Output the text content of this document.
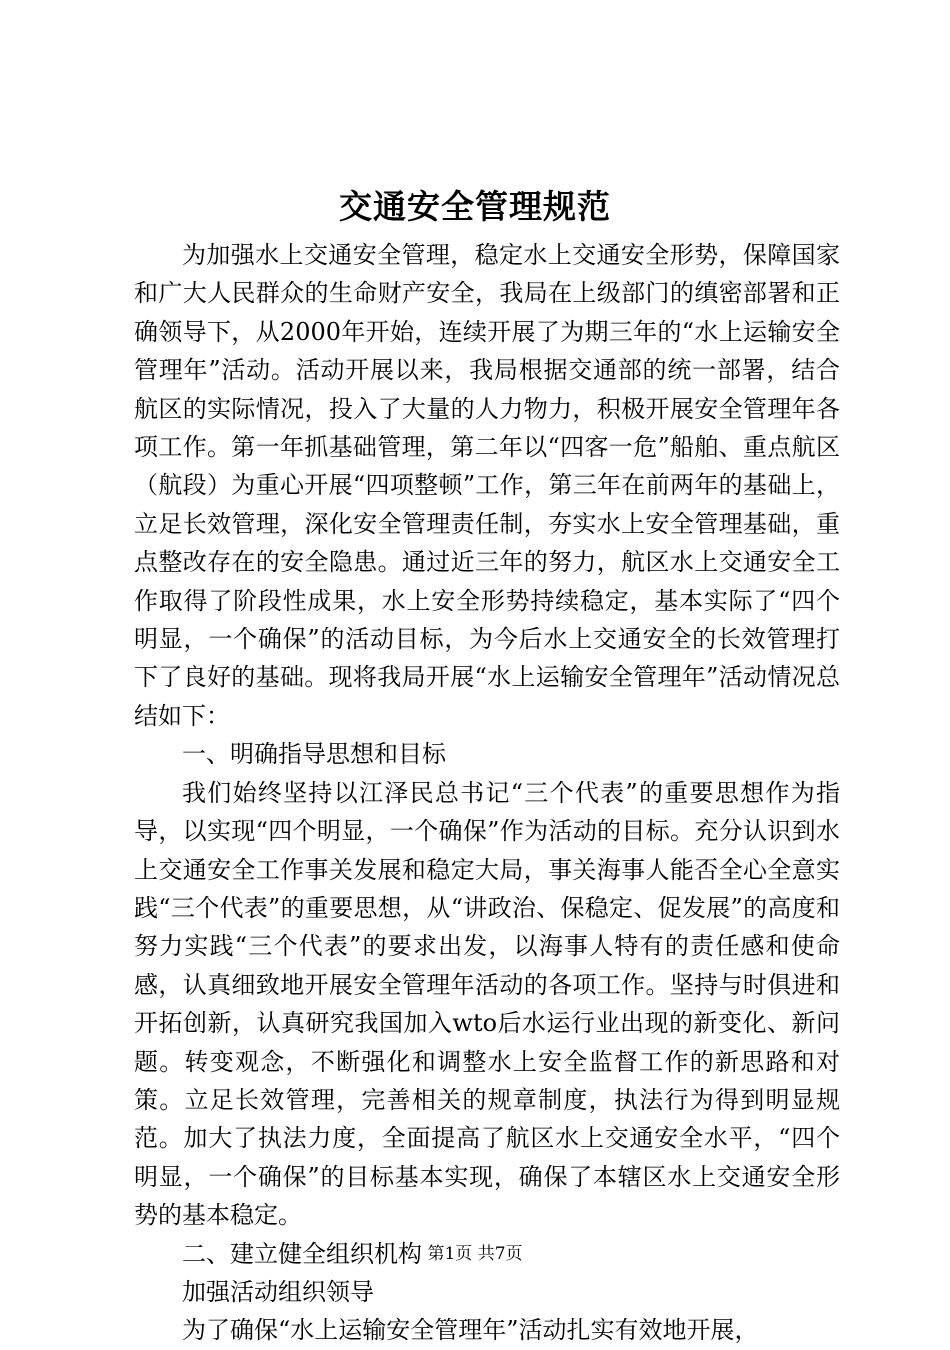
交通安全管理规范

为加强水上交通安全管理，稳定水上交通安全形势，保障国家和广大人民群众的生命财产安全，我局在上级部门的缜密部署和正确领导下，从2000年开始，连续开展了为期三年的“水上运输安全管理年”活动。活动开展以来，我局根据交通部的统一部署，结合航区的实际情况，投入了大量的人力物力，积极开展安全管理年各项工作。第一年抓基础管理，第二年以“四客一危”船舶、重点航区（航段）为重心开展“四项整顿”工作，第三年在前两年的基础上，立足长效管理，深化安全管理责任制，夯实水上安全管理基础，重点整改存在的安全隐患。通过近三年的努力，航区水上交通安全工作取得了阶段性成果，水上安全形势持续稳定，基本实际了“四个明显，一个确保”的活动目标，为今后水上交通安全的长效管理打下了良好的基础。现将我局开展“水上运输安全管理年”活动情况总结如下：

一、明确指导思想和目标

我们始终坚持以江泽民总书记“三个代表”的重要思想作为指导，以实现“四个明显，一个确保”作为活动的目标。充分认识到水上交通安全工作事关发展和稳定大局，事关海事人能否全心全意实践“三个代表”的重要思想，从“讲政治、保稳定、促发展”的高度和努力实践“三个代表”的要求出发，以海事人特有的责任感和使命感，认真细致地开展安全管理年活动的各项工作。坚持与时俱进和开拓创新，认真研究我国加入wto后水运行业出现的新变化、新问题。转变观念，不断强化和调整水上安全监督工作的新思路和对策。立足长效管理，完善相关的规章制度，执法行为得到明显规范。加大了执法力度，全面提高了航区水上交通安全水平，“四个明显，一个确保”的目标基本实现，确保了本辖区水上交通安全形势的基本稳定。

二、建立健全组织机构

加强活动组织领导

为了确保“水上运输安全管理年”活动扎实有效地开展，

第1页 共7页
